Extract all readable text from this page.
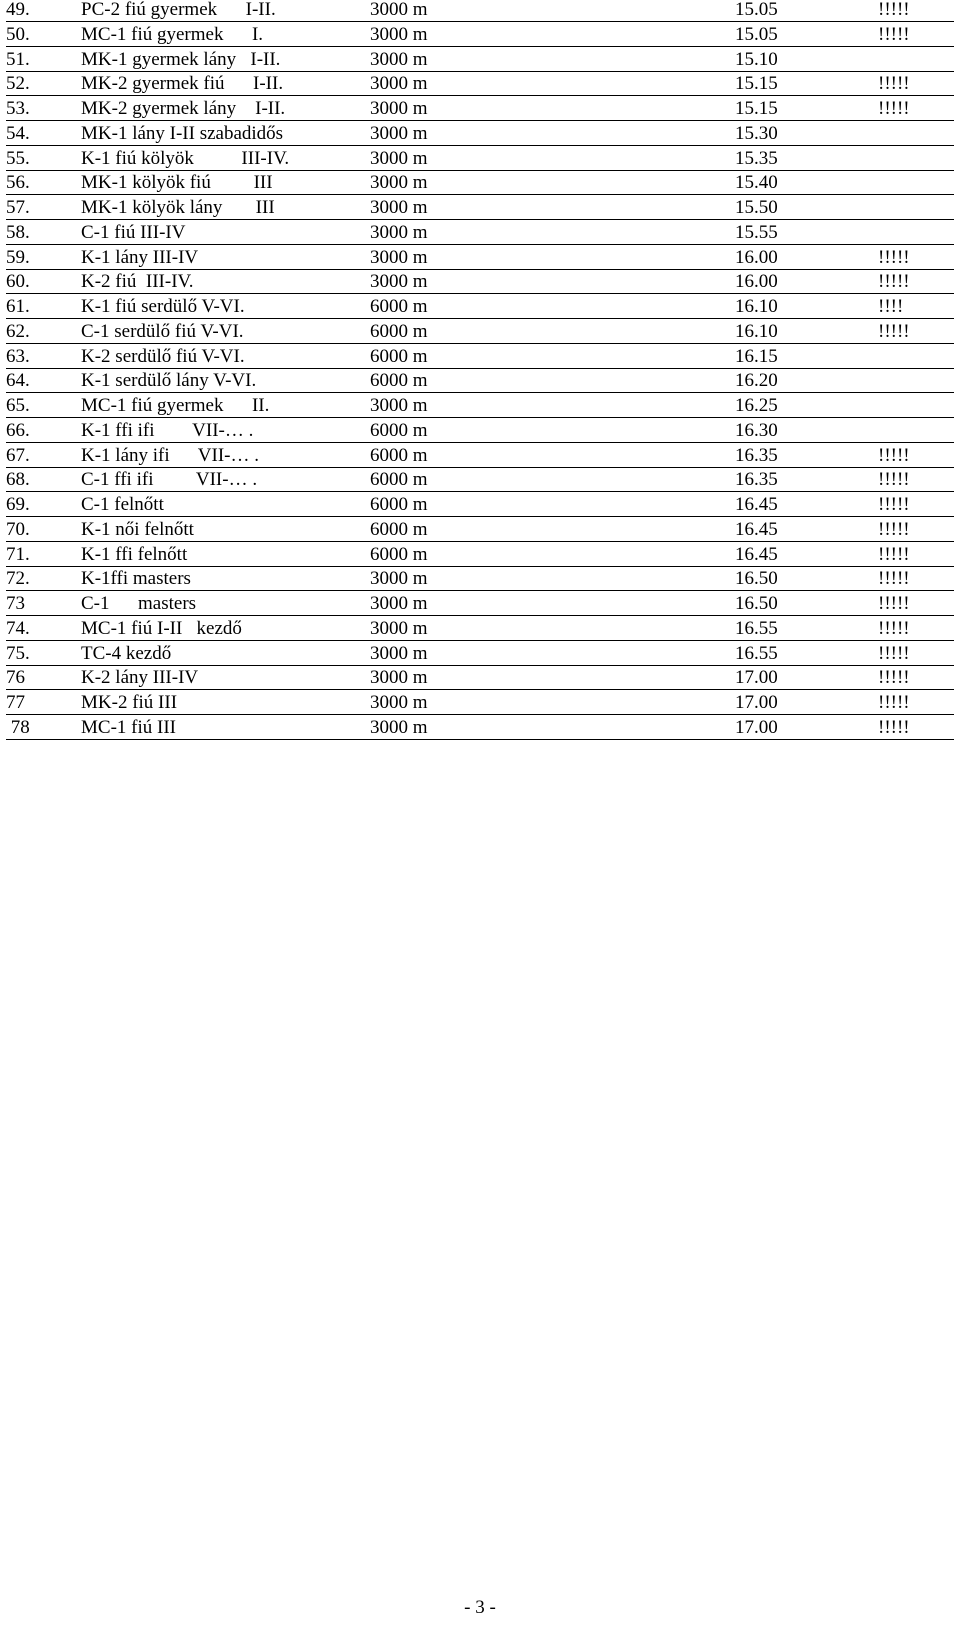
49.	PC-2 fiú gyermek      I-II.	3000 m	15.05	!!!!!
50.	MC-1 fiú gyermek      I.	3000 m	15.05	!!!!!
51.	MK-1 gyermek lány   I-II.	3000 m	15.10
52.	MK-2 gyermek fiú      I-II.	3000 m	15.15	!!!!!
53.	MK-2 gyermek lány    I-II.	3000 m	15.15	!!!!!
54.	MK-1 lány I-II szabadidős	3000 m	15.30
55.	K-1 fiú kölyök          III-IV.	3000 m	15.35
56.	MK-1 kölyök fiú         III	3000 m	15.40
57.	MK-1 kölyök lány       III	3000 m	15.50
58.	C-1 fiú III-IV	3000 m	15.55
59.	K-1 lány III-IV	3000 m	16.00	!!!!!
60.	K-2 fiú  III-IV.	3000 m	16.00	!!!!!
61.	K-1 fiú serdülő V-VI.	6000 m	16.10	!!!!
62.	C-1 serdülő fiú V-VI.	6000 m	16.10	!!!!!
63.	K-2 serdülő fiú V-VI.	6000 m	16.15
64.	K-1 serdülő lány V-VI.	6000 m	16.20
65.	MC-1 fiú gyermek      II.	3000 m	16.25
66.	K-1 ffi ifi        VII-… .	6000 m	16.30
67.	K-1 lány ifi      VII-… .	6000 m	16.35	!!!!!
68.	C-1 ffi ifi         VII-… .	6000 m	16.35	!!!!!
69.	C-1 felnőtt	6000 m	16.45	!!!!!
70.	K-1 női felnőtt	6000 m	16.45	!!!!!
71.	K-1 ffi felnőtt	6000 m	16.45	!!!!!
72.	K-1ffi masters	3000 m	16.50	!!!!!
73	C-1      masters	3000 m	16.50	!!!!!
74.	MC-1 fiú I-II   kezdő	3000 m	16.55	!!!!!
75.	TC-4 kezdő	3000 m	16.55	!!!!!
76	K-2 lány III-IV	3000 m	17.00	!!!!!
77	MK-2 fiú III	3000 m	17.00	!!!!!
78	MC-1 fiú III	3000 m	17.00	!!!!!
- 3 -
